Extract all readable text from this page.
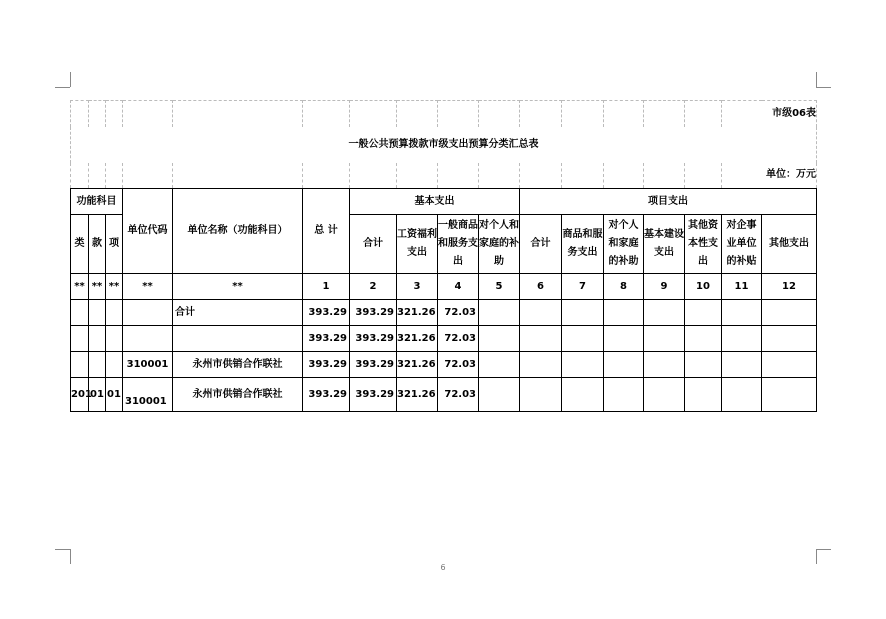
															市级06表	
一般公共预算拨款市级支出预算分类汇总表																
															单位：万元	
功能科目			单位代码	单位名称（功能科目）	总 计	基本支出				项目支出						
类	款	项				合计	工资福利支出	一般商品和服务支出	对个人和家庭的补助	合计	商品和服务支出	对个人和家庭的补助	基本建设支出	其他资本性支出	对企事业单位的补贴	其他支出
**	**	**	**	**	1	2	3	4	5	6	7	8	9	10	11	12
				合计	393.29	393.29	321.26	72.03								
					393.29	393.29	321.26	72.03								
			310001	永州市供销合作联社	393.29	393.29	321.26	72.03								
201	01	01	310001	永州市供销合作联社	393.29	393.29	321.26	72.03								
6
